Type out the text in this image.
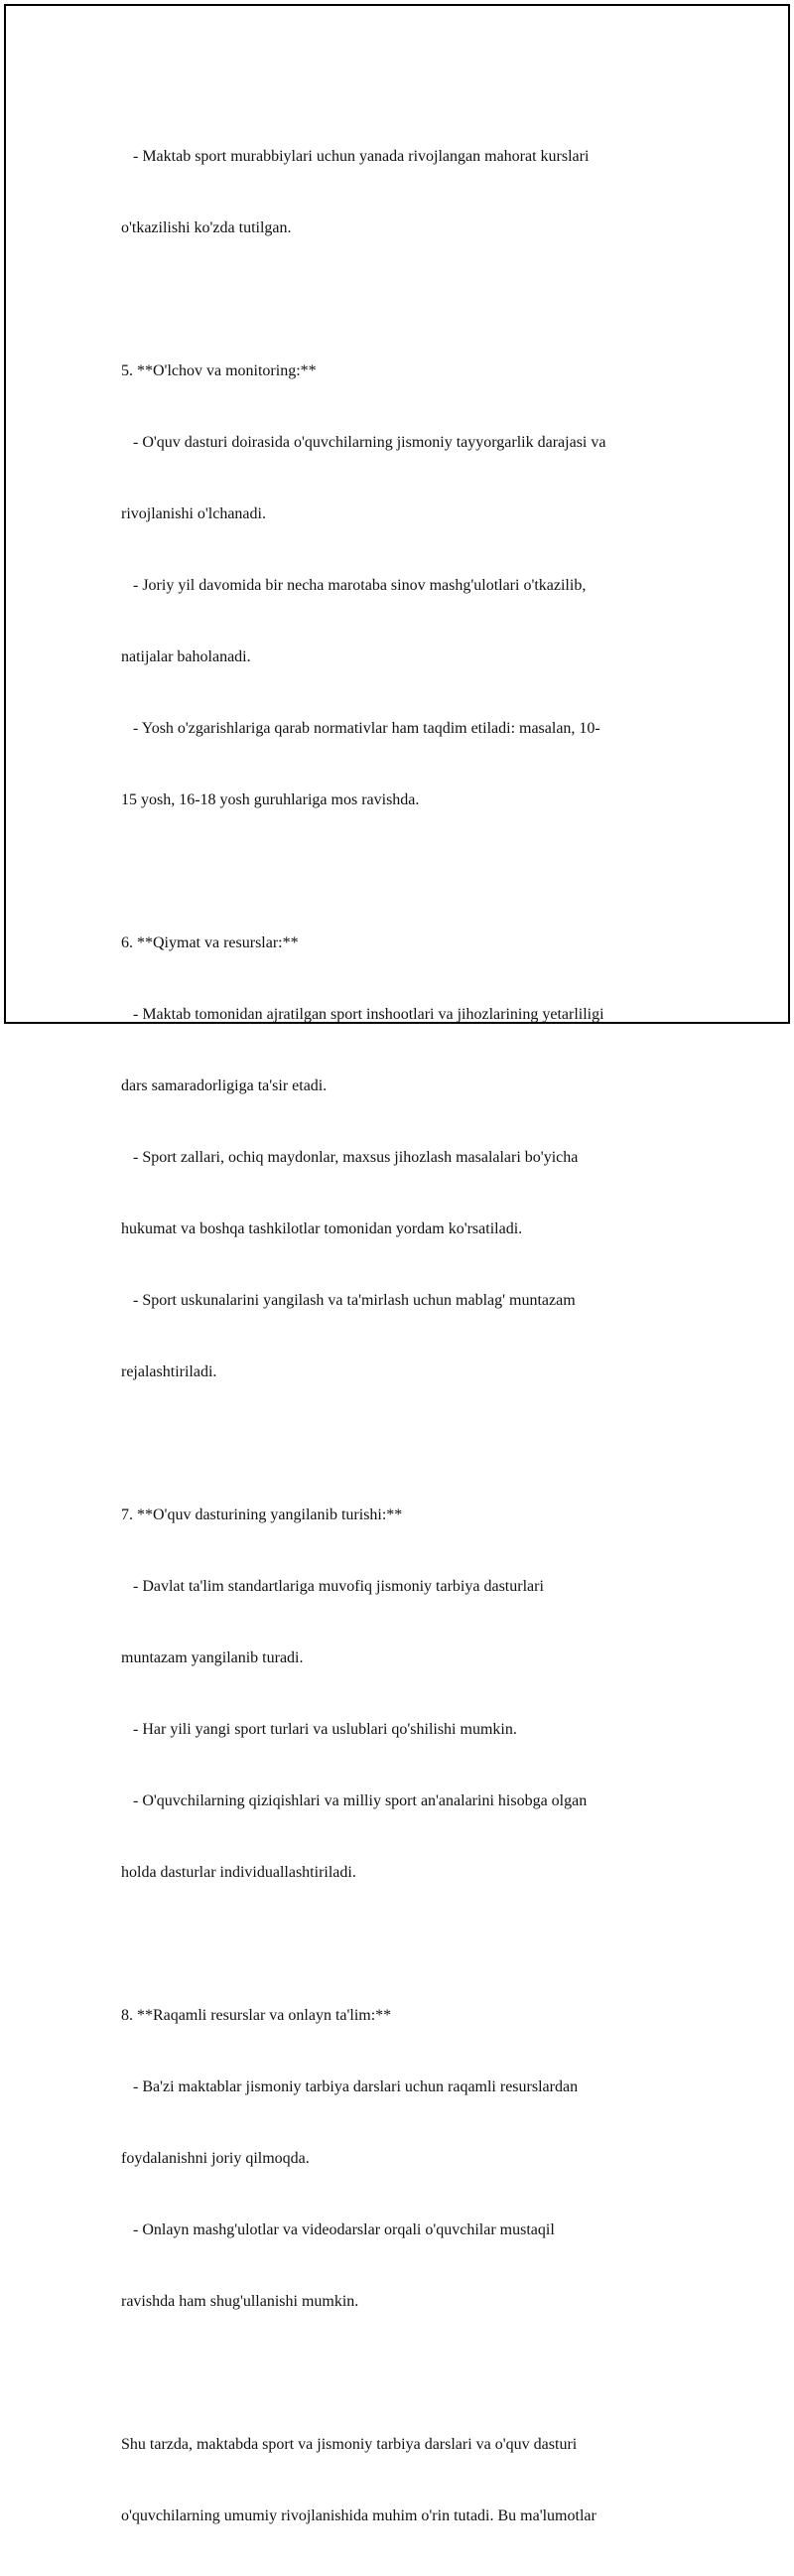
- Maktab sport murabbiylari uchun yanada rivojlangan mahorat kurslari

o'tkazilishi ko'zda tutilgan.

5. **O'lchov va monitoring:**

- O'quv dasturi doirasida o'quvchilarning jismoniy tayyorgarlik darajasi va

rivojlanishi o'lchanadi.

- Joriy yil davomida bir necha marotaba sinov mashg'ulotlari o'tkazilib,

natijalar baholanadi.

- Yosh o'zgarishlariga qarab normativlar ham taqdim etiladi: masalan, 10-

15 yosh, 16-18 yosh guruhlariga mos ravishda.

6. **Qiymat va resurslar:**

- Maktab tomonidan ajratilgan sport inshootlari va jihozlarining yetarliligi

dars samaradorligiga ta'sir etadi.

- Sport zallari, ochiq maydonlar, maxsus jihozlash masalalari bo'yicha

hukumat va boshqa tashkilotlar tomonidan yordam ko'rsatiladi.

- Sport uskunalarini yangilash va ta'mirlash uchun mablag' muntazam

rejalashtiriladi.

7. **O'quv dasturining yangilanib turishi:**

- Davlat ta'lim standartlariga muvofiq jismoniy tarbiya dasturlari

muntazam yangilanib turadi.

- Har yili yangi sport turlari va uslublari qo'shilishi mumkin.

- O'quvchilarning qiziqishlari va milliy sport an'analarini hisobga olgan

holda dasturlar individuallashtiriladi.

8. **Raqamli resurslar va onlayn ta'lim:**

- Ba'zi maktablar jismoniy tarbiya darslari uchun raqamli resurslardan

foydalanishni joriy qilmoqda.

- Onlayn mashg'ulotlar va videodarslar orqali o'quvchilar mustaqil

ravishda ham shug'ullanishi mumkin.

Shu tarzda, maktabda sport va jismoniy tarbiya darslari va o'quv dasturi

o'quvchilarning umumiy rivojlanishida muhim o'rin tutadi. Bu ma'lumotlar
